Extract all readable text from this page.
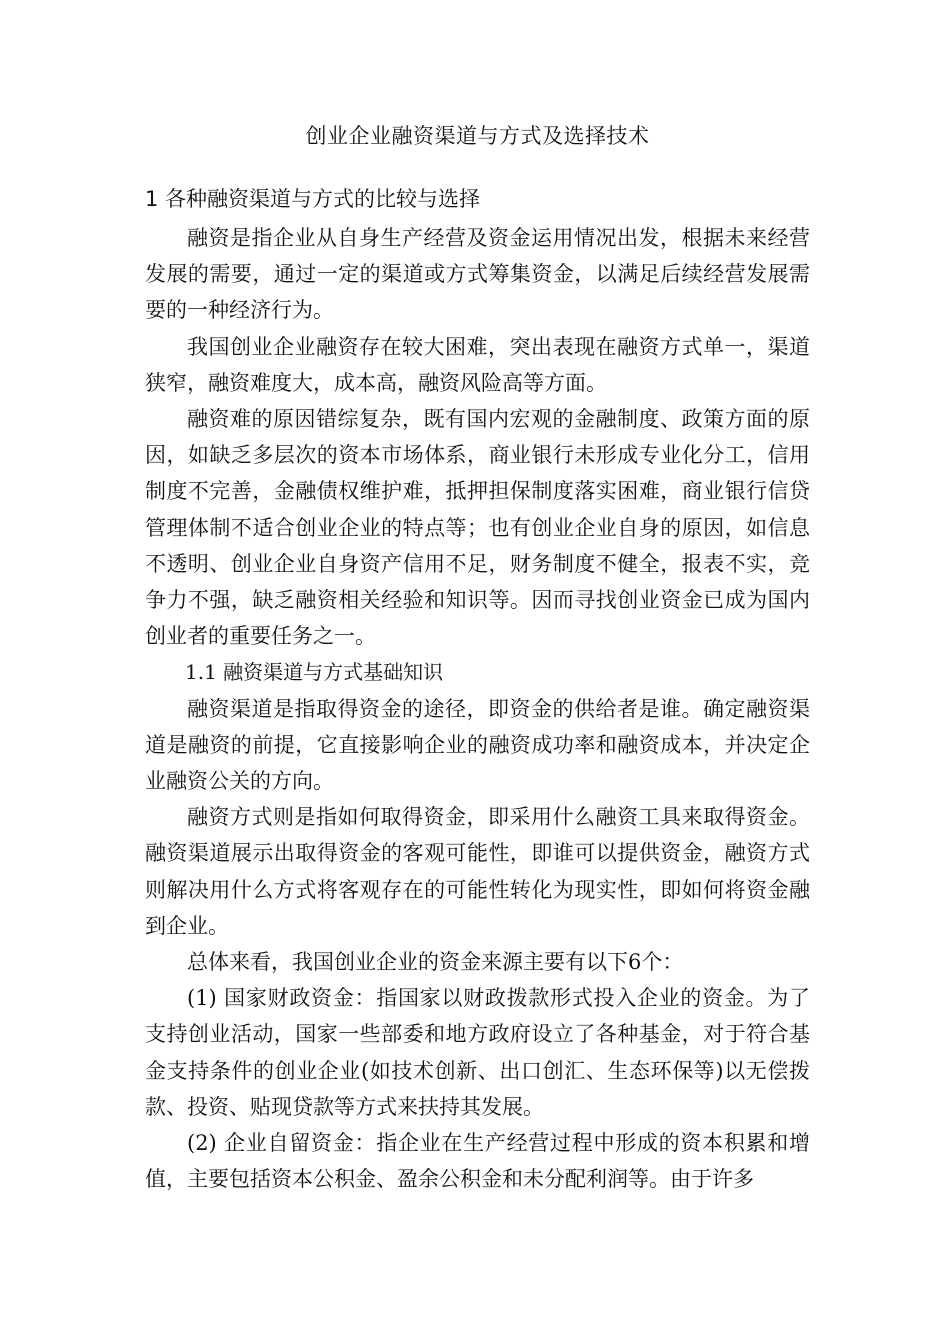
创业企业融资渠道与方式及选择技术
1 各种融资渠道与方式的比较与选择

融资是指企业从自身生产经营及资金运用情况出发，根据未来经营发展的需要，通过一定的渠道或方式筹集资金，以满足后续经营发展需要的一种经济行为。

我国创业企业融资存在较大困难，突出表现在融资方式单一，渠道狭窄，融资难度大，成本高，融资风险高等方面。

融资难的原因错综复杂，既有国内宏观的金融制度、政策方面的原因，如缺乏多层次的资本市场体系，商业银行未形成专业化分工，信用制度不完善，金融债权维护难，抵押担保制度落实困难，商业银行信贷管理体制不适合创业企业的特点等；也有创业企业自身的原因，如信息不透明、创业企业自身资产信用不足，财务制度不健全，报表不实，竞争力不强，缺乏融资相关经验和知识等。因而寻找创业资金已成为国内创业者的重要任务之一。

1.1 融资渠道与方式基础知识

融资渠道是指取得资金的途径，即资金的供给者是谁。确定融资渠道是融资的前提，它直接影响企业的融资成功率和融资成本，并决定企业融资公关的方向。

融资方式则是指如何取得资金，即采用什么融资工具来取得资金。融资渠道展示出取得资金的客观可能性，即谁可以提供资金，融资方式则解决用什么方式将客观存在的可能性转化为现实性，即如何将资金融到企业。

总体来看，我国创业企业的资金来源主要有以下6个：

(1) 国家财政资金：指国家以财政拨款形式投入企业的资金。为了支持创业活动，国家一些部委和地方政府设立了各种基金，对于符合基金支持条件的创业企业(如技术创新、出口创汇、生态环保等)以无偿拨款、投资、贴现贷款等方式来扶持其发展。

(2) 企业自留资金：指企业在生产经营过程中形成的资本积累和增值，主要包括资本公积金、盈余公积金和未分配利润等。由于许多
